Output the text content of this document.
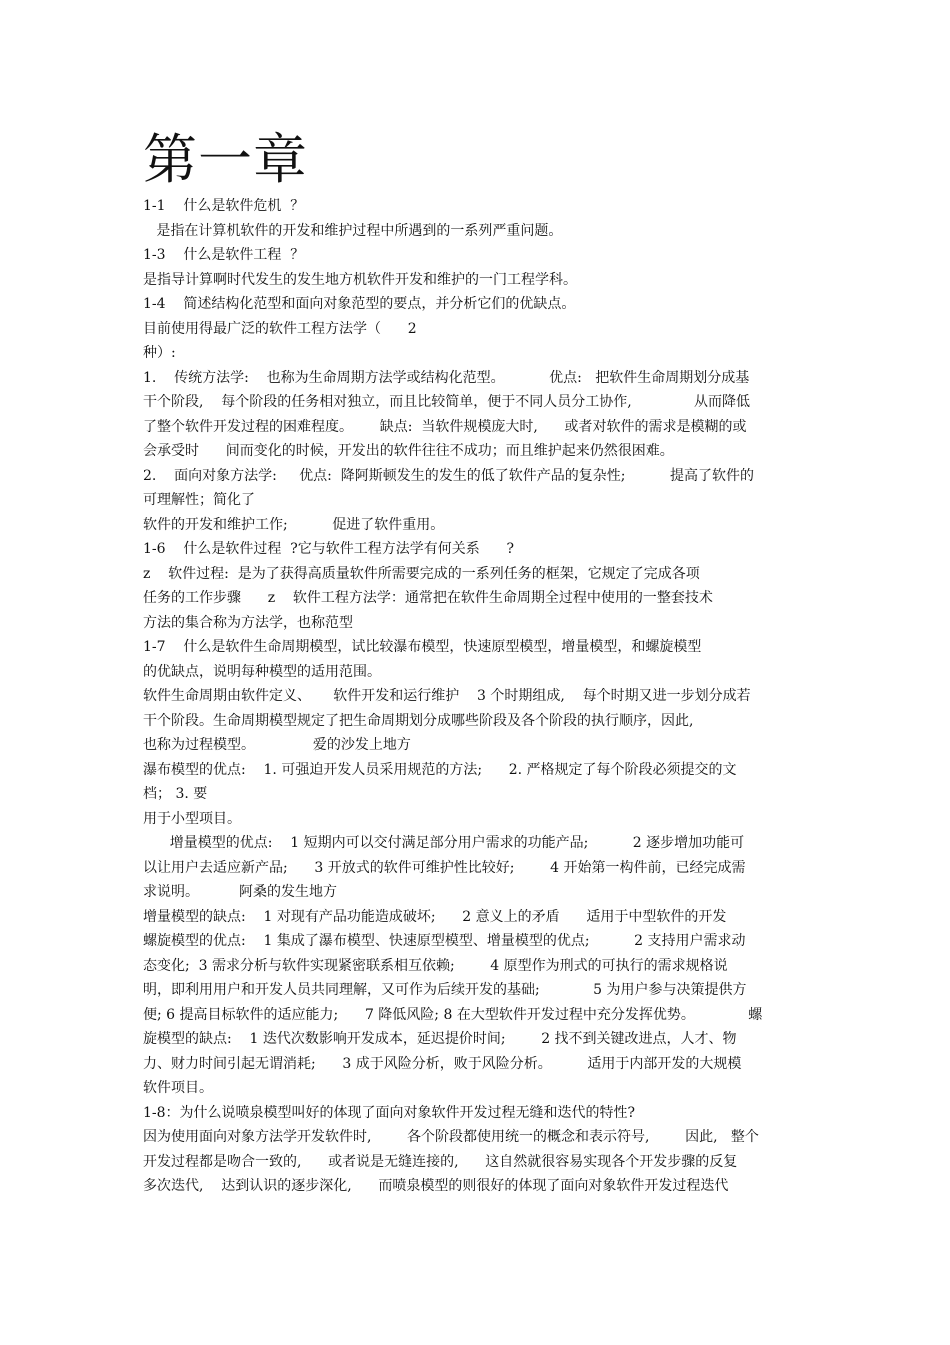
第一章
1-1    什么是软件危机  ？
是指在计算机软件的开发和维护过程中所遇到的一系列严重问题。
1-3    什么是软件工程  ？
是指导计算啊时代发生的发生地方机软件开发和维护的一门工程学科。
1-4    简述结构化范型和面向对象范型的要点，并分析它们的优缺点。
目前使用得最广泛的软件工程方法学（      2
种）:
1.    传统方法学:    也称为生命周期方法学或结构化范型。          优点:   把软件生命周期划分成基
干个阶段,    每个阶段的任务相对独立，而且比较简单，便于不同人员分工协作,              从而降低
了整个软件开发过程的困难程度。      缺点:  当软件规模庞大时,      或者对软件的需求是模糊的或
会承受时      间而变化的时候，开发出的软件往往不成功；而且维护起来仍然很困难。
2.    面向对象方法学:     优点:  降阿斯顿发生的发生的低了软件产品的复杂性;          提高了软件的
可理解性；简化了
软件的开发和维护工作;          促进了软件重用。
1-6    什么是软件过程  ?它与软件工程方法学有何关系      ?
z    软件过程:  是为了获得高质量软件所需要完成的一系列任务的框架，它规定了完成各项
任务的工作步骤      z    软件工程方法学：通常把在软件生命周期全过程中使用的一整套技术
方法的集合称为方法学，也称范型
1-7    什么是软件生命周期模型，试比较瀑布模型，快速原型模型，增量模型，和螺旋模型
的优缺点，说明每种模型的适用范围。
软件生命周期由软件定义、     软件开发和运行维护    3 个时期组成,    每个时期又进一步划分成若
干个阶段。生命周期模型规定了把生命周期划分成哪些阶段及各个阶段的执行顺序，因此,
也称为过程模型。             爱的沙发上地方
瀑布模型的优点:    1. 可强迫开发人员采用规范的方法;      2. 严格规定了每个阶段必须提交的文
档； 3. 要
用于小型项目。
增量模型的优点:    1 短期内可以交付满足部分用户需求的功能产品;          2 逐步增加功能可
以让用户去适应新产品;      3 开放式的软件可维护性比较好;        4 开始第一构件前，已经完成需
求说明。         阿桑的发生地方
增量模型的缺点:    1 对现有产品功能造成破坏;      2 意义上的矛盾      适用于中型软件的开发
螺旋模型的优点:    1 集成了瀑布模型、快速原型模型、增量模型的优点;          2 支持用户需求动
态变化;  3 需求分析与软件实现紧密联系相互依赖;        4 原型作为刑式的可执行的需求规格说
明，即利用用户和开发人员共同理解，又可作为后续开发的基础;            5 为用户参与决策提供方
便; 6 提高目标软件的适应能力;      7 降低风险; 8 在大型软件开发过程中充分发挥优势。            螺
旋模型的缺点:    1 迭代次数影响开发成本，延迟提价时间;        2 找不到关键改进点，人才、物
力、财力时间引起无谓消耗;      3 成于风险分析，败于风险分析。        适用于内部开发的大规模
软件项目。
1-8：为什么说喷泉模型叫好的体现了面向对象软件开发过程无缝和迭代的特性?
因为使用面向对象方法学开发软件时,        各个阶段都使用统一的概念和表示符号,        因此,   整个
开发过程都是吻合一致的,      或者说是无缝连接的,      这自然就很容易实现各个开发步骤的反复
多次迭代,    达到认识的逐步深化,      而喷泉模型的则很好的体现了面向对象软件开发过程迭代
